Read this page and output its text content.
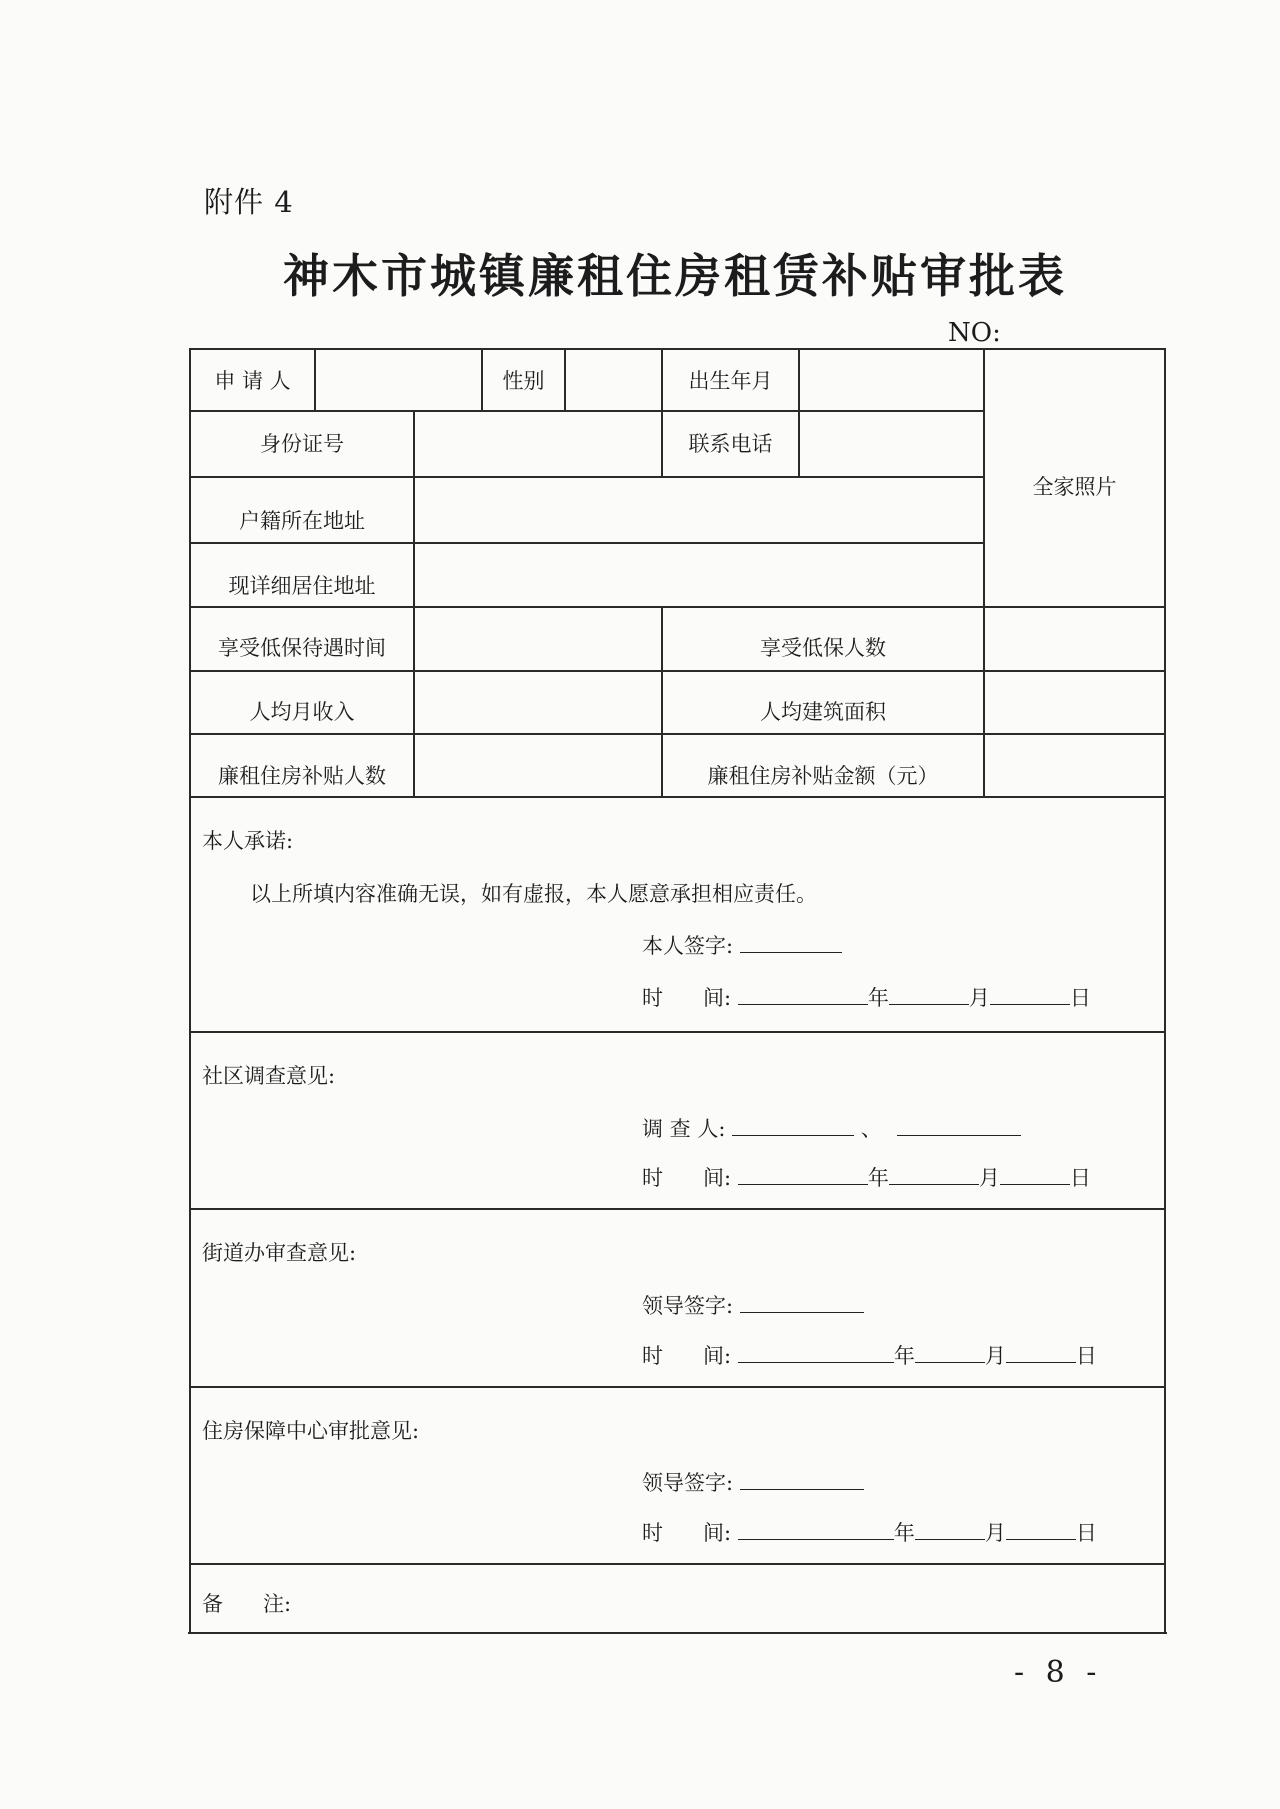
附件 4
神木市城镇廉租住房租赁补贴审批表
NO:
申 请 人	性别	出生年月
身份证号	联系电话
全家照片
户籍所在地址
现详细居住地址
享受低保待遇时间	享受低保人数
人均月收入	人均建筑面积
廉租住房补贴人数	廉租住房补贴金额（元）
本人承诺:
以上所填内容准确无误，如有虚报，本人愿意承担相应责任。
本人签字:
时      间:	年	月	日
社区调查意见:
调 查 人:	、
时      间:	年	月	日
街道办审查意见:
领导签字:
时      间:	年	月	日
住房保障中心审批意见:
领导签字:
时      间:	年	月	日
备      注:
- 8 -
